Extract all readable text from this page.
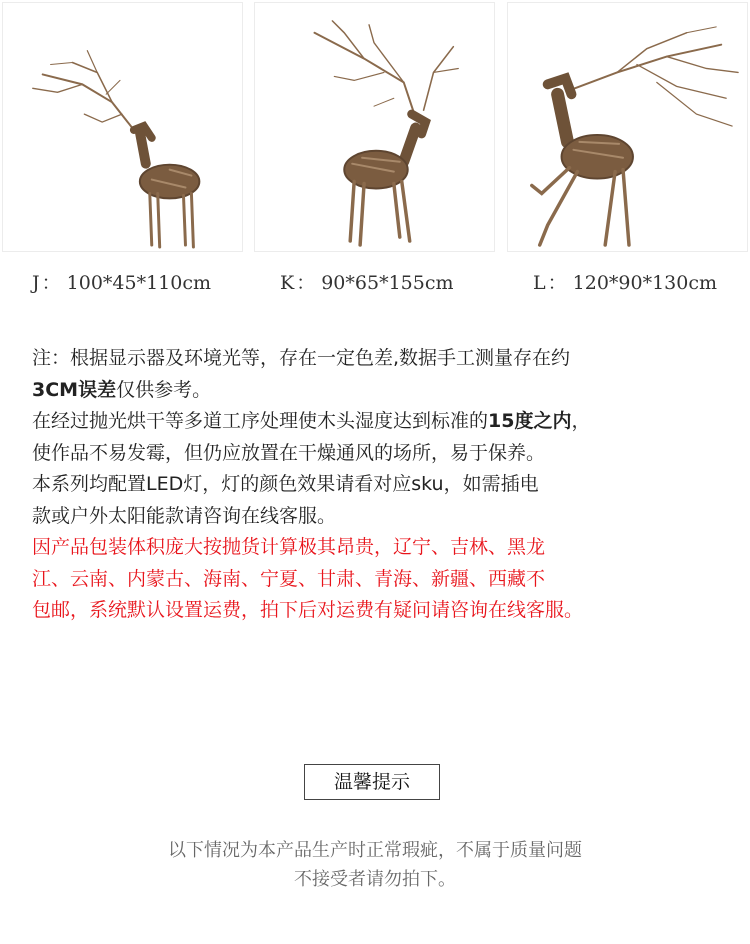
J ： 100*45*110cm	K ： 90*65*155cm	L ： 120*90*130cm

注：根据显示器及环境光等，存在一定色差,数据手工测量存在约
3CM误差仅供参考。

在经过抛光烘干等多道工序处理使木头湿度达到标准的15度之内，
使作品不易发霉，但仍应放置在干燥通风的场所，易于保养。

本系列均配置LED灯，灯的颜色效果请看对应sku，如需插电
款或户外太阳能款请咨询在线客服。

因产品包装体积庞大按抛货计算极其昂贵，辽宁、吉林、黑龙
江、云南、内蒙古、海南、宁夏、甘肃、青海、新疆、西藏不
包邮，系统默认设置运费，拍下后对运费有疑问请咨询在线客服。

温馨提示

以下情况为本产品生产时正常瑕疵，不属于质量问题

不接受者请勿拍下。
